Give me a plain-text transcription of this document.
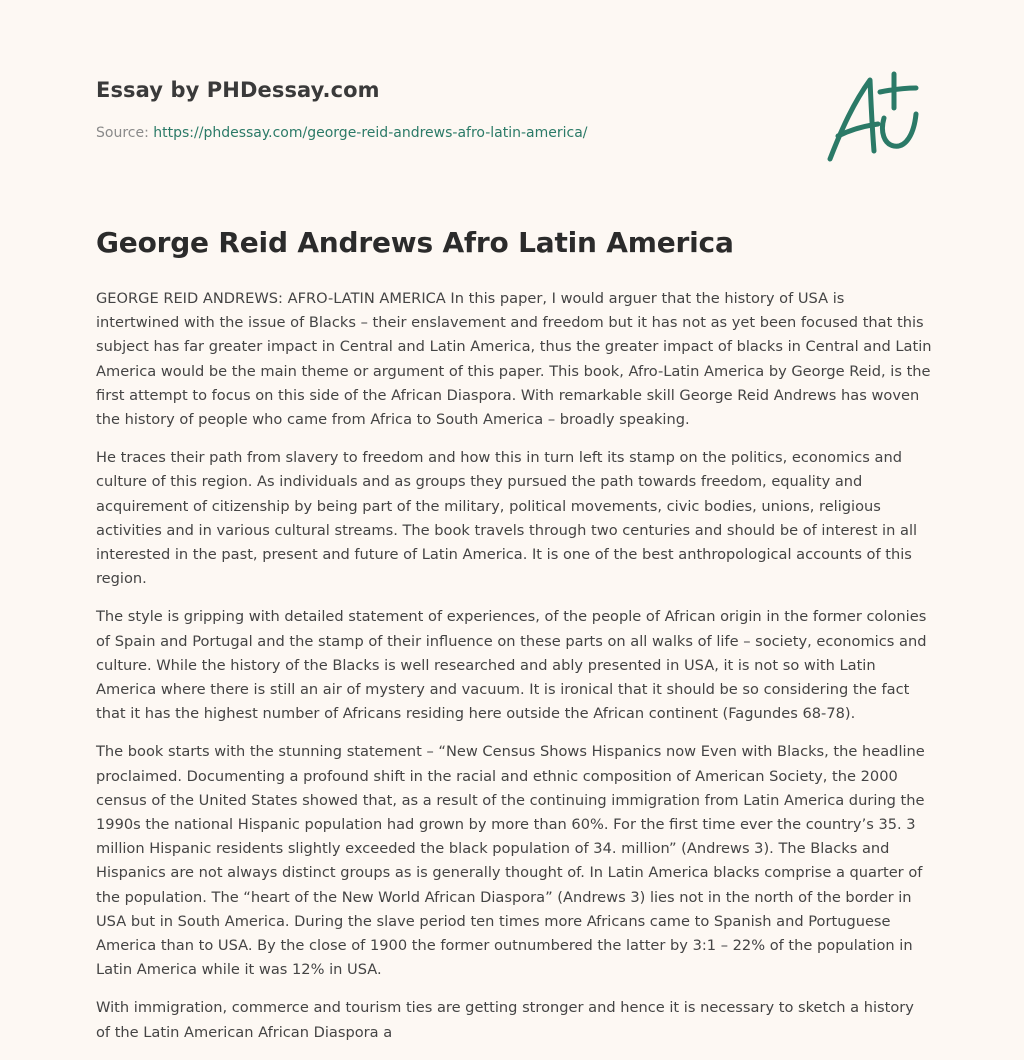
Essay by PHDessay.com
Source: https://phdessay.com/george-reid-andrews-afro-latin-america/
George Reid Andrews Afro Latin America

GEORGE REID ANDREWS: AFRO-LATIN AMERICA In this paper, I would arguer that the history of USA is intertwined with the issue of Blacks – their enslavement and freedom but it has not as yet been focused that this subject has far greater impact in Central and Latin America, thus the greater impact of blacks in Central and Latin America would be the main theme or argument of this paper. This book, Afro-Latin America by George Reid, is the first attempt to focus on this side of the African Diaspora. With remarkable skill George Reid Andrews has woven the history of people who came from Africa to South America – broadly speaking.

He traces their path from slavery to freedom and how this in turn left its stamp on the politics, economics and culture of this region. As individuals and as groups they pursued the path towards freedom, equality and acquirement of citizenship by being part of the military, political movements, civic bodies, unions, religious activities and in various cultural streams. The book travels through two centuries and should be of interest in all interested in the past, present and future of Latin America. It is one of the best anthropological accounts of this region.

The style is gripping with detailed statement of experiences, of the people of African origin in the former colonies of Spain and Portugal and the stamp of their influence on these parts on all walks of life – society, economics and culture. While the history of the Blacks is well researched and ably presented in USA, it is not so with Latin America where there is still an air of mystery and vacuum. It is ironical that it should be so considering the fact that it has the highest number of Africans residing here outside the African continent (Fagundes 68-78).

The book starts with the stunning statement – “New Census Shows Hispanics now Even with Blacks, the headline proclaimed. Documenting a profound shift in the racial and ethnic composition of American Society, the 2000 census of the United States showed that, as a result of the continuing immigration from Latin America during the 1990s the national Hispanic population had grown by more than 60%. For the first time ever the country’s 35. 3 million Hispanic residents slightly exceeded the black population of 34. million” (Andrews 3). The Blacks and Hispanics are not always distinct groups as is generally thought of. In Latin America blacks comprise a quarter of the population. The “heart of the New World African Diaspora” (Andrews 3) lies not in the north of the border in USA but in South America. During the slave period ten times more Africans came to Spanish and Portuguese America than to USA. By the close of 1900 the former outnumbered the latter by 3:1 – 22% of the population in Latin America while it was 12% in USA.

With immigration, commerce and tourism ties are getting stronger and hence it is necessary to sketch a history of the Latin American African Diaspora a
